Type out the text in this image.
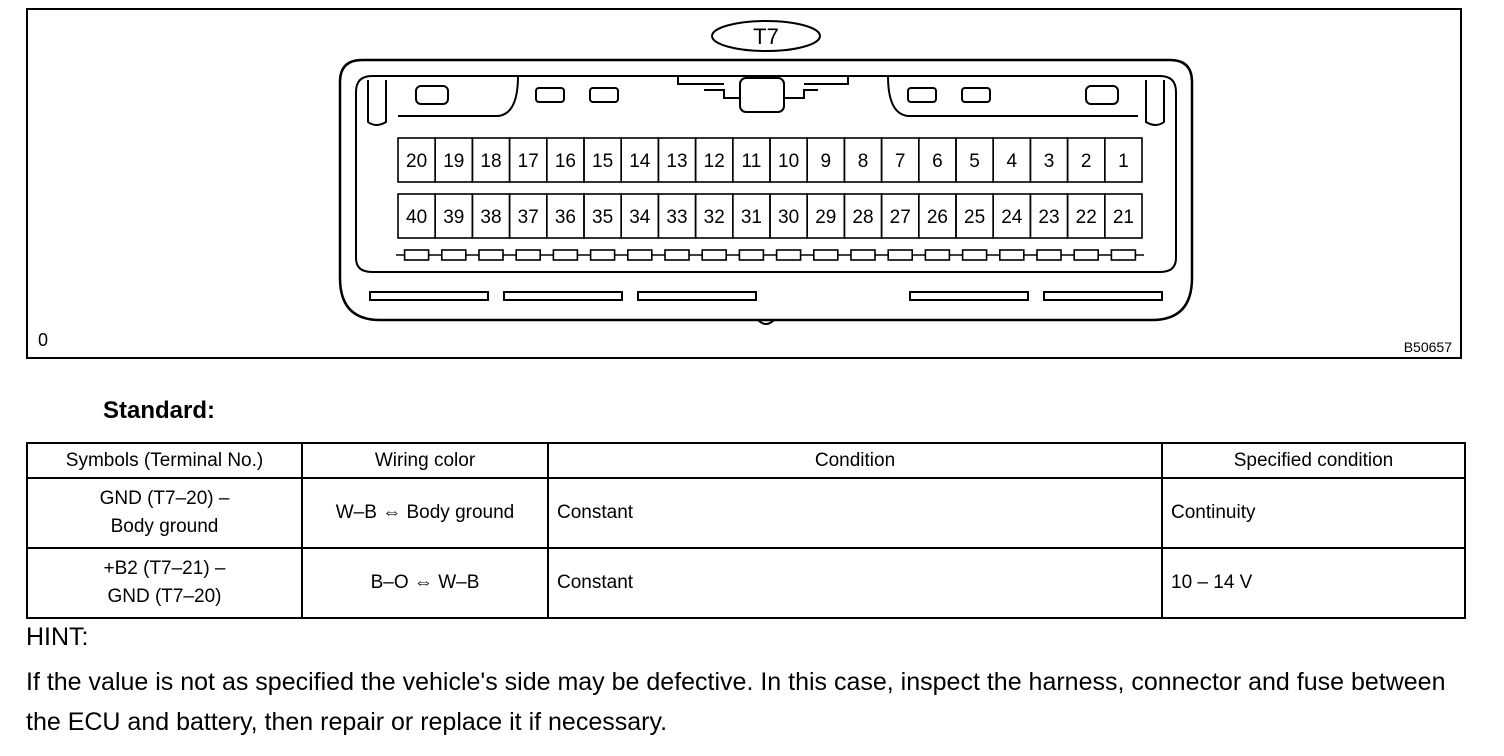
T7
20 19 18 17 16 15 14 13 12 11 10 9 8 7 6 5 4 3 2 1
40 39 38 37 36 35 34 33 32 31 30 29 28 27 26 25 24 23 22 21
0	B50657
Standard:
Symbols (Terminal No.)	Wiring color	Condition	Specified condition

GND (T7–20) –
Body ground	W–B ⇔ Body ground	Constant	Continuity

+B2 (T7–21) –
GND (T7–20)	B–O ⇔ W–B	Constant	10 – 14 V
HINT:
If the value is not as specified the vehicle's side may be defective. In this case, inspect the harness, connector and fuse between the ECU and battery, then repair or replace it if necessary.
